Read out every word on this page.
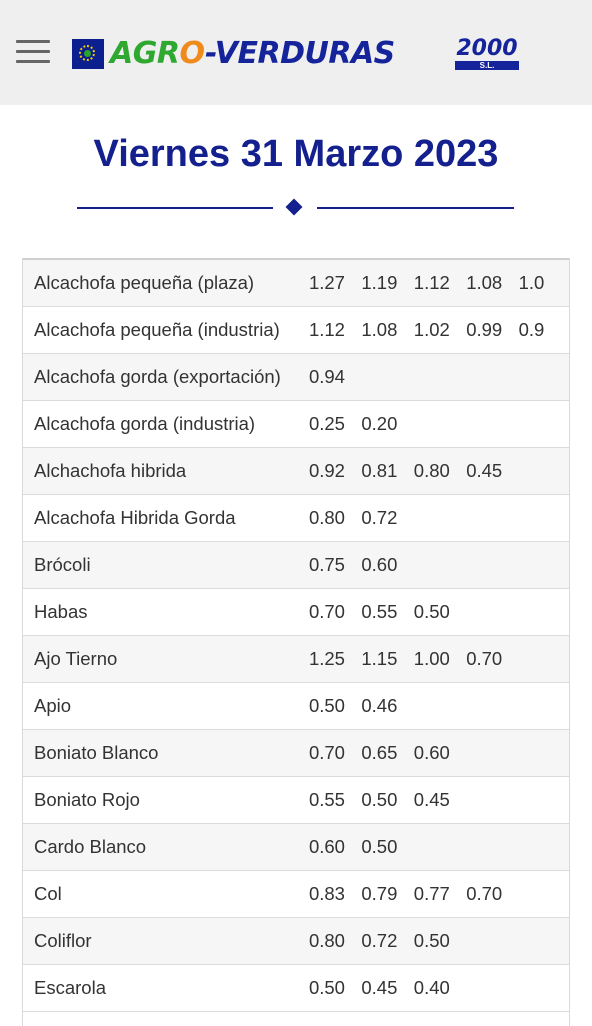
AGRO-VERDURAS	2000
S.L.
Viernes 31 Marzo 2023
Alcachofa pequeña (plaza)	1.27	1.19	1.12	1.08	1.0
Alcachofa pequeña (industria)	1.12	1.08	1.02	0.99	0.9
Alcachofa gorda (exportación)	0.94				
Alcachofa gorda (industria)	0.25	0.20			
Alchachofa hibrida	0.92	0.81	0.80	0.45	
Alcachofa Hibrida Gorda	0.80	0.72			
Brócoli	0.75	0.60			
Habas	0.70	0.55	0.50		
Ajo Tierno	1.25	1.15	1.00	0.70	
Apio	0.50	0.46			
Boniato Blanco	0.70	0.65	0.60		
Boniato Rojo	0.55	0.50	0.45		
Cardo Blanco	0.60	0.50			
Col	0.83	0.79	0.77	0.70	
Coliflor	0.80	0.72	0.50		
Escarola	0.50	0.45	0.40		
